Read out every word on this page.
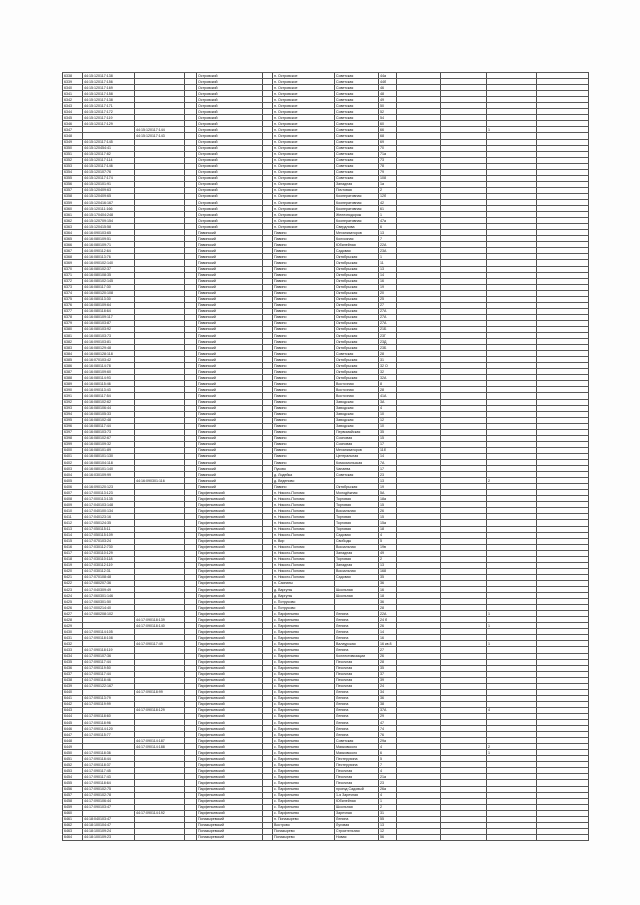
6338	44:15:120117:138			Островский		п. Островское	Советская	44а				
6339	44:15:120117:156			Островский		п. Островское	Советская	44б				
6340	44:15:120117:169			Островский		п. Островское	Советская	46				
6341	44:15:120117:158			Островский		п. Островское	Советская	48				
6342	44:15:120117:138			Островский		п. Островское	Советская	49				
6343	44:15:120117:171			Островский		п. Островское	Советская	50				
6344	44:15:120117:172			Островский		п. Островское	Советская	52				
6345	44:15:120117:119			Островский		п. Островское	Советская	54				
6346	44:15:120117:129			Островский		п. Островское	Советская	60				
6347		44:15:120117:144		Островский		п. Островское	Советская	66			1	
6348		44:15:120117:143		Островский		п. Островское	Советская	68				
6349	44:15:120117:145			Островский		п. Островское	Советская	69				
6350	44:15:120454:41			Островский		п. Островское	Советская	70				
6351	44:15:120117:82			Островский		п. Островское	Советская	71а				
6352	44:15:120117:114			Островский		п. Островское	Советская	73				
6353	44:15:120117:146			Островский		п. Островское	Советская	78				
6354	44:15:120107:76			Островский		п. Островское	Советская	79				
6355	44:15:120117:174			Островский		п. Островское	Советская	108				
6356	44:15:120101:91			Островский		п. Островское	Западная	1а				
6357	44:15:120409:63			Островский		п. Островское	Почтовая	2				
6358	44:15:120409:65			Островский		п. Островское	Кооперативная	12б				
6359	44:15:120416:167			Островский		п. Островское	Кооперативная	42				
6360	44:15:120111:166			Островский		п. Островское	Кооперативная	61				
6361	44:15:170404:248			Островский		п. Островское	Железнодорож	1				
6362	44:15:120709:154			Островский		п. Островское	Кооперативная	47а				
6363	44:15:120415:58			Островский		п. Островское	Свердлова	6				
6364	44:16:090103:65			Павинский		Павино	Механизаторов	13				
6365	44:16:080109:51			Павинский		Павино	Колхозная	7				
6366	44:16:080109:71			Павинский		Павино	Юбилейная	22А				
6367	44:16:090112:64			Павинский		Павино	Садовая	23А				
6368	44:16:080113:76			Павинский		Павино	Октябрьская	1				
6369	44:16:090102:140			Павинский		Павино	Октябрьская	11				
6370	44:16:080102:37			Павинский		Павино	Октябрьская	13				
6371	44:16:080108:35			Павинский		Павино	Октябрьская	14				
6372	44:16:080102:145			Павинский		Павино	Октябрьская	16				
6373	44:16:080117:30			Павинский		Павино	Октябрьская	19				
6374	44:16:080120:108			Павинский		Павино	Октябрьская	20				
6375	44:16:080113:30			Павинский		Павино	Октябрьская	25				
6376	44:16:080109:64			Павинский		Павино	Октябрьская	27				
6377	44:16:080118:64			Павинский		Павино	Октябрьская	27А				
6378	44:16:080109:117			Павинский		Павино	Октябрьская	27А				
6379	44:16:080103:87			Павинский		Павино	Октябрьская	27А				
6380	44:16:080103:92			Павинский		Павино	Октябрьская	21Б				
6381	44:16:080103:73			Павинский		Павино	Октябрьская	23Г				
6382	44:16:090103:81			Павинский		Павино	Октябрьская	23Д				
6383	44:16:080129:48			Павинский		Павино	Октябрьская	23Б				
6384	44:16:080128:118			Павинский		Павино	Советская	28				
6385	44:16:070103:42			Павинский		Павино	Октябрьская	31				
6386	44:16:080114:78			Павинский		Павино	Октябрьская	32 О				
6387	44:16:080109:60			Павинский		Павино	Октябрьская	32				
6388	44:16:080114:93			Павинский		Павино	Октябрьская	32А				
6389	44:16:080115:46			Павинский		Павино	Восточная	8				
6390	44:16:090113:43			Павинский		Павино	Восточная	28				
6391	44:16:080117:54			Павинский		Павино	Восточная	41А				
6392	44:16:080102:62			Павинский		Павино	Заводская	3А				
6393	44:16:080106:44			Павинский		Павино	Заводская	4				
6394	44:16:080105:33			Павинский		Павино	Заводская	10				
6395	44:16:080102:48			Павинский		Павино	Заводская	12				
6396	44:16:080117:44			Павинский		Павино	Заводская	10				
6397	44:16:080103:73			Павинский		Павино	Первомайская	35				
6398	44:16:080102:67			Павинский		Павино	Сосновая	15				
6399	44:16:080109:32			Павинский		Павино	Сосновая	17				
6400	44:16:080101:89			Павинский		Павино	Механизаторов	11б				
6401	44:16:080101:130			Павинский		Павино	Центральная	14				
6402	44:16:080104:118			Павинский		Павино	Комсомольская	7А				
6403	44:16:080101:140			Павинский		Пуково	Чапаева	17				
6404	44:16:030109:99			Павинский		д. Лодейка	Советская	23				
6405		44:16:090301:116		Павинский		д. Веденово		13			2	
6406	44:16:090120:123			Павинский		Павино	Октябрьская	19				
6407	44:17:000113:123			Парфеньевский		п. Николо-Поломя	Молодёжная	5А				
6408	44:17:000113:135			Парфеньевский		п. Николо-Поломя	Торговая	18а				
6409	44:17:040103:148			Парфеньевский		п. Николо-Поломя	Торговая	15				
6410	44:17:040100:134			Парфеньевский		п. Николо-Поломя	Вокзальная	26				
6411	44:17:040123:16			Парфеньевский		п. Николо-Поломя	Торговая	15				
6412	44:17:050124:35			Парфеньевский		п. Николо-Поломя	Торговая	15а				
6413	44:17:050115:11			Парфеньевский		п. Николо-Поломя	Торговая	18				
6414	44:17:050115:109			Парфеньевский		п. Николо-Поломя	Садовая	4				
6415	44:17:070103:24			Парфеньевский		п. Вир	Свободы	5				
6416	44:17:030112:730			Парфеньевский		п. Николо-Поломя	Вокзальная	19в				
6417	44:17:030110:129			Парфеньевский		п. Николо-Поломя	Западная	49				
6418	44:17:030110:118			Парфеньевский		п. Николо-Поломя	Торговая	2				
6419	44:17:030112:119			Парфеньевский		п. Николо-Поломя	Западная	13				
6420	44:17:030112:31			Парфеньевский		п. Николо-Поломя	Вокзальная	168				
6421	44:17:070108:48			Парфеньевский		п. Николо-Поломя	Садовая	35				
6422	44:17:080207:36			Парфеньевский		п. Саинаты		36				
6423	44:17:040309:49			Парфеньевский		д. Варгуны	Школьная	16				
6424	44:17:060301:146			Парфеньевский		д. Варгуны	Школьная	18				
6425	44:17:060301:50			Парфеньевский		с. Потрусово		36				
6426	44:17:000214:40			Парфеньевский		с. Потрусово		28				
6427	44:17:080208:102			Парфеньевский		с. Парфеньево	Ленина	22А			1	
6428		44:17:090118:139		Парфеньевский		с. Парфеньево	Ленина	24 б				
6429		44:17:090118:140		Парфеньевский		с. Парфеньево	Ленина	26			1	
6430	44:17:090114:105			Парфеньевский		с. Парфеньево	Ленина	14				
6431	44:17:090118:108			Парфеньевский		с. Парфеньево	Ленина	16				
6432		44:17:090117:49		Парфеньевский		с. Парфеньево	Валаурская	16 кв 8			1	
6433	44:17:090118:119			Парфеньевский		с. Парфеньево	Ленина	27				
6434	44:17:090107:36			Парфеньевский		с. Парфеньево	Коллективизации	26				
6435	44:17:090117:44			Парфеньевский		с. Парфеньево	Песочная	28				
6436	44:17:090119:50			Парфеньевский		с. Парфеньево	Песочная	35				
6437	44:17:090117:44			Парфеньевский		с. Парфеньево	Песочная	37				
6438	44:17:090118:46			Парфеньевский		с. Парфеньево	Песочная	39				
6439	44:17:090122:167			Парфеньевский		с. Парфеньево	Песочная	24				
6440		44:17:090118:99		Парфеньевский		с. Парфеньево	Ленина	34				
6441	44:17:090113:79			Парфеньевский		с. Парфеньево	Ленина	36				
6442	44:17:090119:99			Парфеньевский		с. Парфеньево	Ленина	38				
6443		44:17:090118:129		Парфеньевский		с. Парфеньево	Ленина	37А			4	
6444	44:17:090118:60			Парфеньевский		с. Парфеньево	Ленина	29				
6445	44:17:090118:96			Парфеньевский		с. Парфеньево	Ленина	47				
6446	44:17:090114:120			Парфеньевский		с. Парфеньево	Ленина	74				
6447	44:17:090115:77			Парфеньевский		с. Парфеньево	Ленина	76				
6448		44:17:090114:187		Парфеньевский		с. Парфеньево	Советская	29а				
6449		44:17:090114:188		Парфеньевский		с. Парфеньево	Маяковского	4			2	
6450	44:17:090118:36			Парфеньевский		с. Парфеньево	Маяковского	6			1	
6451	44:17:090118:44			Парфеньевский		с. Парфеньево	Пестерухина	5				
6452	44:17:090118:37			Парфеньевский		с. Парфеньево	Пестерухина	7				
6453	44:17:090117:45			Парфеньевский		с. Парфеньево	Песочная	4				
6454	44:17:090117:43			Парфеньевский		с. Парфеньево	Песочная	21а				
6455	44:17:090118:64			Парфеньевский		с. Парфеньево	Песочная	23				
6456	44:17:090102:75			Парфеньевский		с. Парфеньево	проезд Садовый	26а				
6457	44:17:090102:78			Парфеньевский		с. Парфеньево	1-я Заречная	4				
6458	44:17:090106:44			Парфеньевский		с. Парфеньево	Юбилейная	1				
6459	44:17:090103:47			Парфеньевский		с. Парфеньево	Школьная	2				
6460		44:17:090114:192		Парфеньевский		с. Парфеньево	Заречная	31				
6461	44:18:040103:47			Поназыревский		п. Поназырево	Ленина	55				
6462	44:18:100104:47			Поназыревский		Вострово	Луговая	13				
6463	44:18:100109:24			Поназыревский		Поназырево	Строительная	12				
6464	44:18:100109:23			Поназыревский		Поназырево	Новая	56				
